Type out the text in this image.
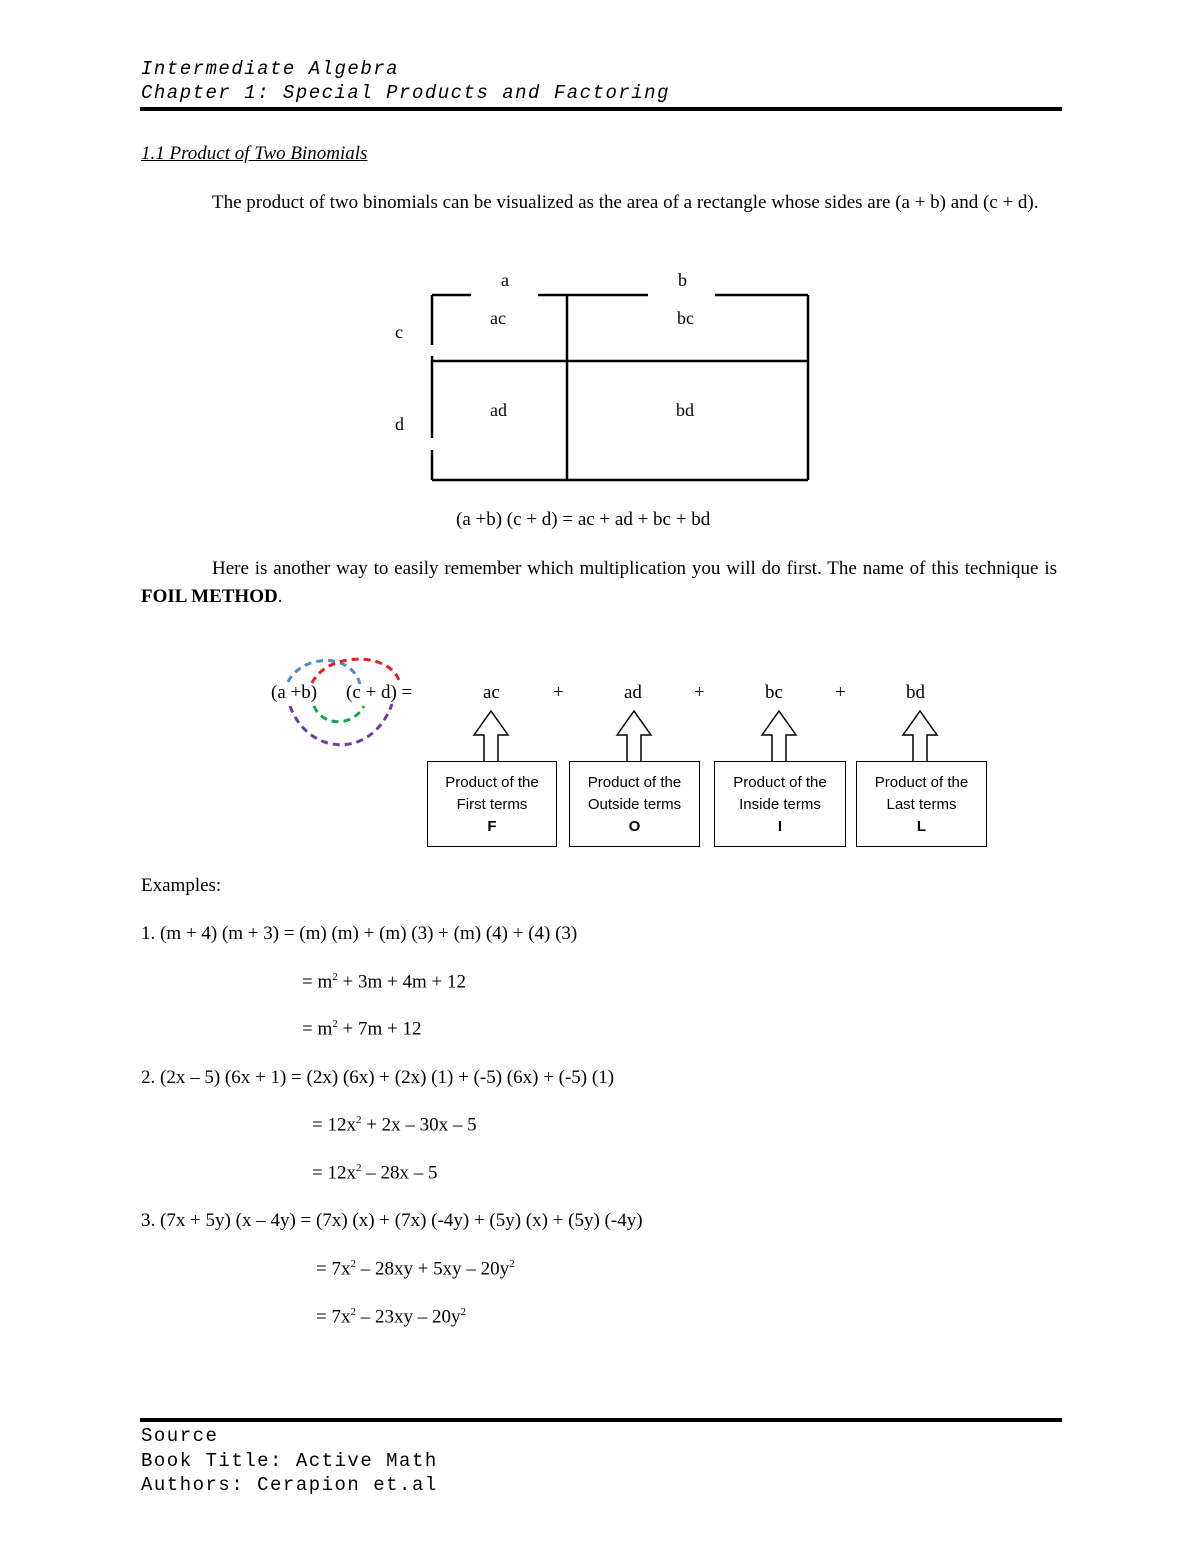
Intermediate Algebra
Chapter 1: Special Products and Factoring
1.1 Product of Two Binomials

The product of two binomials can be visualized as the area of a rectangle whose sides are (a + b) and (c + d).

a	b
c
d
ac	bc
ad	bd
(a +b) (c + d) = ac + ad + bc + bd

Here is another way to easily remember which multiplication you will do first. The name of this technique is FOIL METHOD.

(a +b) (c + d) =	ac	+	ad	+	bc	+	bd
Product of the
First terms
F
Product of the
Outside terms
O
Product of the
Inside terms
I
Product of the
Last terms
L
Examples:
1. (m + 4) (m + 3) = (m) (m) + (m) (3) + (m) (4) + (4) (3)
= $m^2 + 3m + 4m + 12$
= $m^2 + 7m + 12$
2. (2x – 5) (6x + 1) = (2x) (6x) + (2x) (1) + (-5) (6x) + (-5) (1)
= $12x^2 + 2x - 30x - 5$
= $12x^2 - 28x - 5$
3. (7x + 5y) (x – 4y) = (7x) (x) + (7x) (-4y) + (5y) (x) + (5y) (-4y)
= $7x^2 - 28xy + 5xy - 20y^2$
= $7x^2 - 23xy - 20y^2$
Source
Book Title: Active Math
Authors: Cerapion et.al
